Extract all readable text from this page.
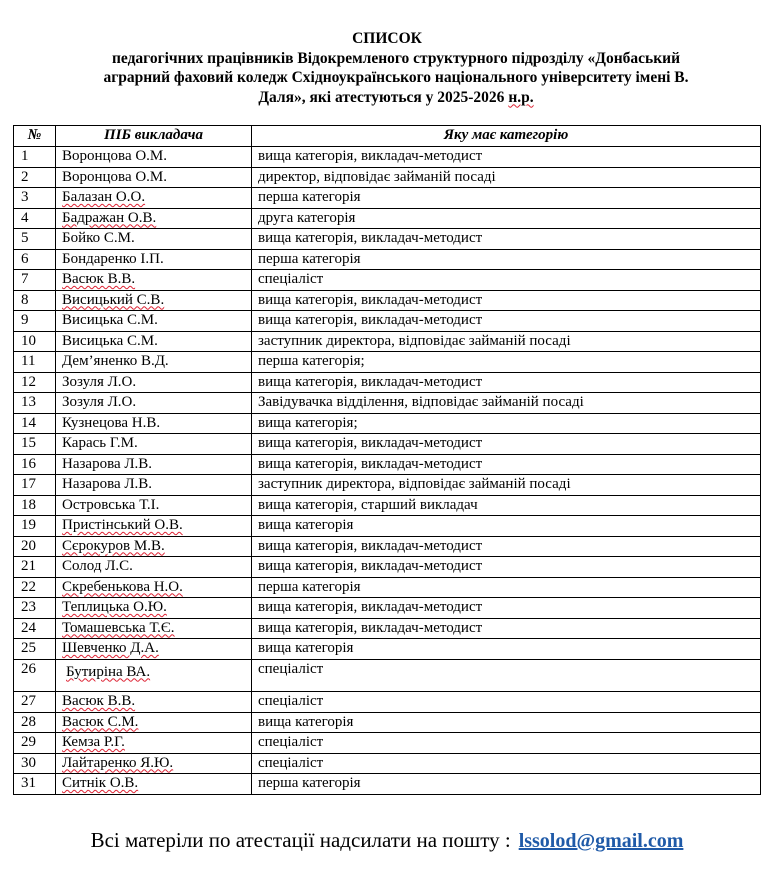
СПИСОК
педагогічних працівників Відокремленого структурного підрозділу «Донбаський
аграрний фаховий коледж Східноукраїнського національного університету імені В.
Даля», які атестуються у 2025-2026 н.р.
№	ПІБ викладача	Яку має категорію
1	Воронцова О.М.	вища категорія, викладач-методист
2	Воронцова О.М.	директор, відповідає займаній посаді
3	Балазан О.О.	перша категорія
4	Бадражан О.В.	друга категорія
5	Бойко С.М.	вища категорія, викладач-методист
6	Бондаренко І.П.	перша категорія
7	Васюк В.В.	спеціаліст
8	Висицький С.В.	вища категорія, викладач-методист
9	Висицька С.М.	вища категорія, викладач-методист
10	Висицька С.М.	заступник директора, відповідає займаній посаді
11	Дем’яненко В.Д.	перша категорія;
12	Зозуля Л.О.	вища категорія, викладач-методист
13	Зозуля Л.О.	Завідувачка відділення, відповідає займаній посаді
14	Кузнецова Н.В.	вища категорія;
15	Карась Г.М.	вища категорія, викладач-методист
16	Назарова Л.В.	вища категорія, викладач-методист
17	Назарова Л.В.	заступник директора, відповідає займаній посаді
18	Островська Т.І.	вища категорія, старший викладач
19	Пристінський О.В.	вища категорія
20	Сєрокуров М.В.	вища категорія, викладач-методист
21	Солод Л.С.	вища категорія, викладач-методист
22	Скребенькова Н.О.	перша категорія
23	Теплицька О.Ю.	вища категорія, викладач-методист
24	Томашевська Т.Є.	вища категорія, викладач-методист
25	Шевченко Д.А.	вища категорія
26	Бутиріна ВА.	спеціаліст
27	Васюк В.В.	спеціаліст
28	Васюк С.М.	вища категорія
29	Кемза Р.Г.	спеціаліст
30	Лайтаренко Я.Ю.	спеціаліст
31	Ситнік О.В.	перша категорія
Всі матеріли по атестації надсилати на пошту : lssolod@gmail.com
